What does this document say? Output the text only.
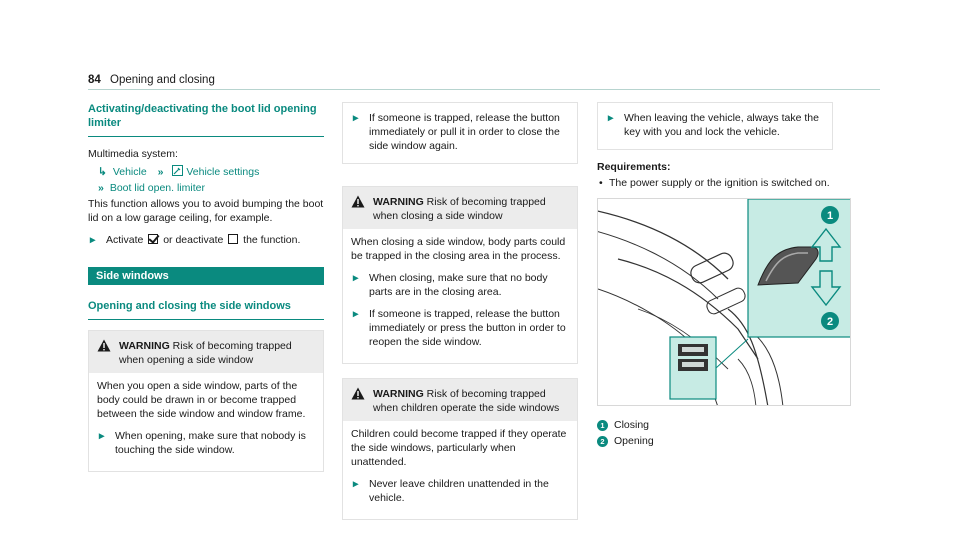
84 Opening and closing
Activating/deactivating the boot lid opening limiter
Multimedia system:
↳ Vehicle » Vehicle settings
» Boot lid open. limiter
This function allows you to avoid bumping the boot lid on a low garage ceiling, for example.
▸	Activate or deactivate the function.
Side windows
Opening and closing the side windows
WARNING Risk of becoming trapped when opening a side window
When you open a side window, parts of the body could be drawn in or become trapped between the side window and window frame.
▸	When opening, make sure that nobody is touching the side window.
▸	If someone is trapped, release the button immediately or pull it in order to close the side window again.
WARNING Risk of becoming trapped when closing a side window
When closing a side window, body parts could be trapped in the closing area in the process.
▸	When closing, make sure that no body parts are in the closing area.
▸	If someone is trapped, release the button immediately or press the button in order to reopen the side window.
WARNING Risk of becoming trapped when children operate the side windows
Children could become trapped if they operate the side windows, particularly when unattended.
▸	Never leave children unattended in the vehicle.
▸	When leaving the vehicle, always take the key with you and lock the vehicle.
Requirements:
• The power supply or the ignition is switched on.
1
2
1 Closing
2 Opening
